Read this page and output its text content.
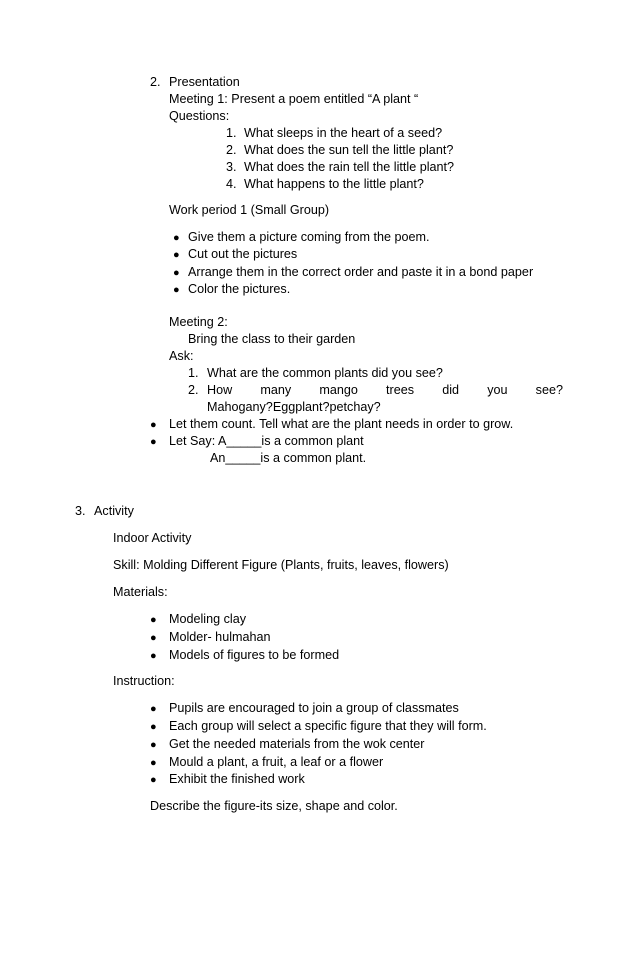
2. Presentation
Meeting 1: Present a poem entitled “A plant “
Questions:
1. What sleeps in the heart of a seed?
2. What does the sun tell the little plant?
3. What does the rain tell the little plant?
4. What happens to the little plant?
Work period 1 (Small Group)
● Give them a picture coming from the poem.
● Cut out the pictures
● Arrange them in the correct order and paste it in a bond paper
● Color the pictures.
Meeting 2:
Bring the class to their garden
Ask:
1. What are the common plants did you see?
2. How many mango trees did you see?
Mahogany?Eggplant?petchay?
● Let them count. Tell what are the plant needs in order to grow.
● Let Say: A_____is a common plant
An_____is a common plant.
3. Activity
Indoor Activity
Skill: Molding Different Figure (Plants, fruits, leaves, flowers)
Materials:
● Modeling clay
● Molder- hulmahan
● Models of figures to be formed
Instruction:
● Pupils are encouraged to join a group of classmates
● Each group will select a specific figure that they will form.
● Get the needed materials from the wok center
● Mould a plant, a fruit, a leaf or a flower
● Exhibit the finished work
Describe the figure-its size, shape and color.
